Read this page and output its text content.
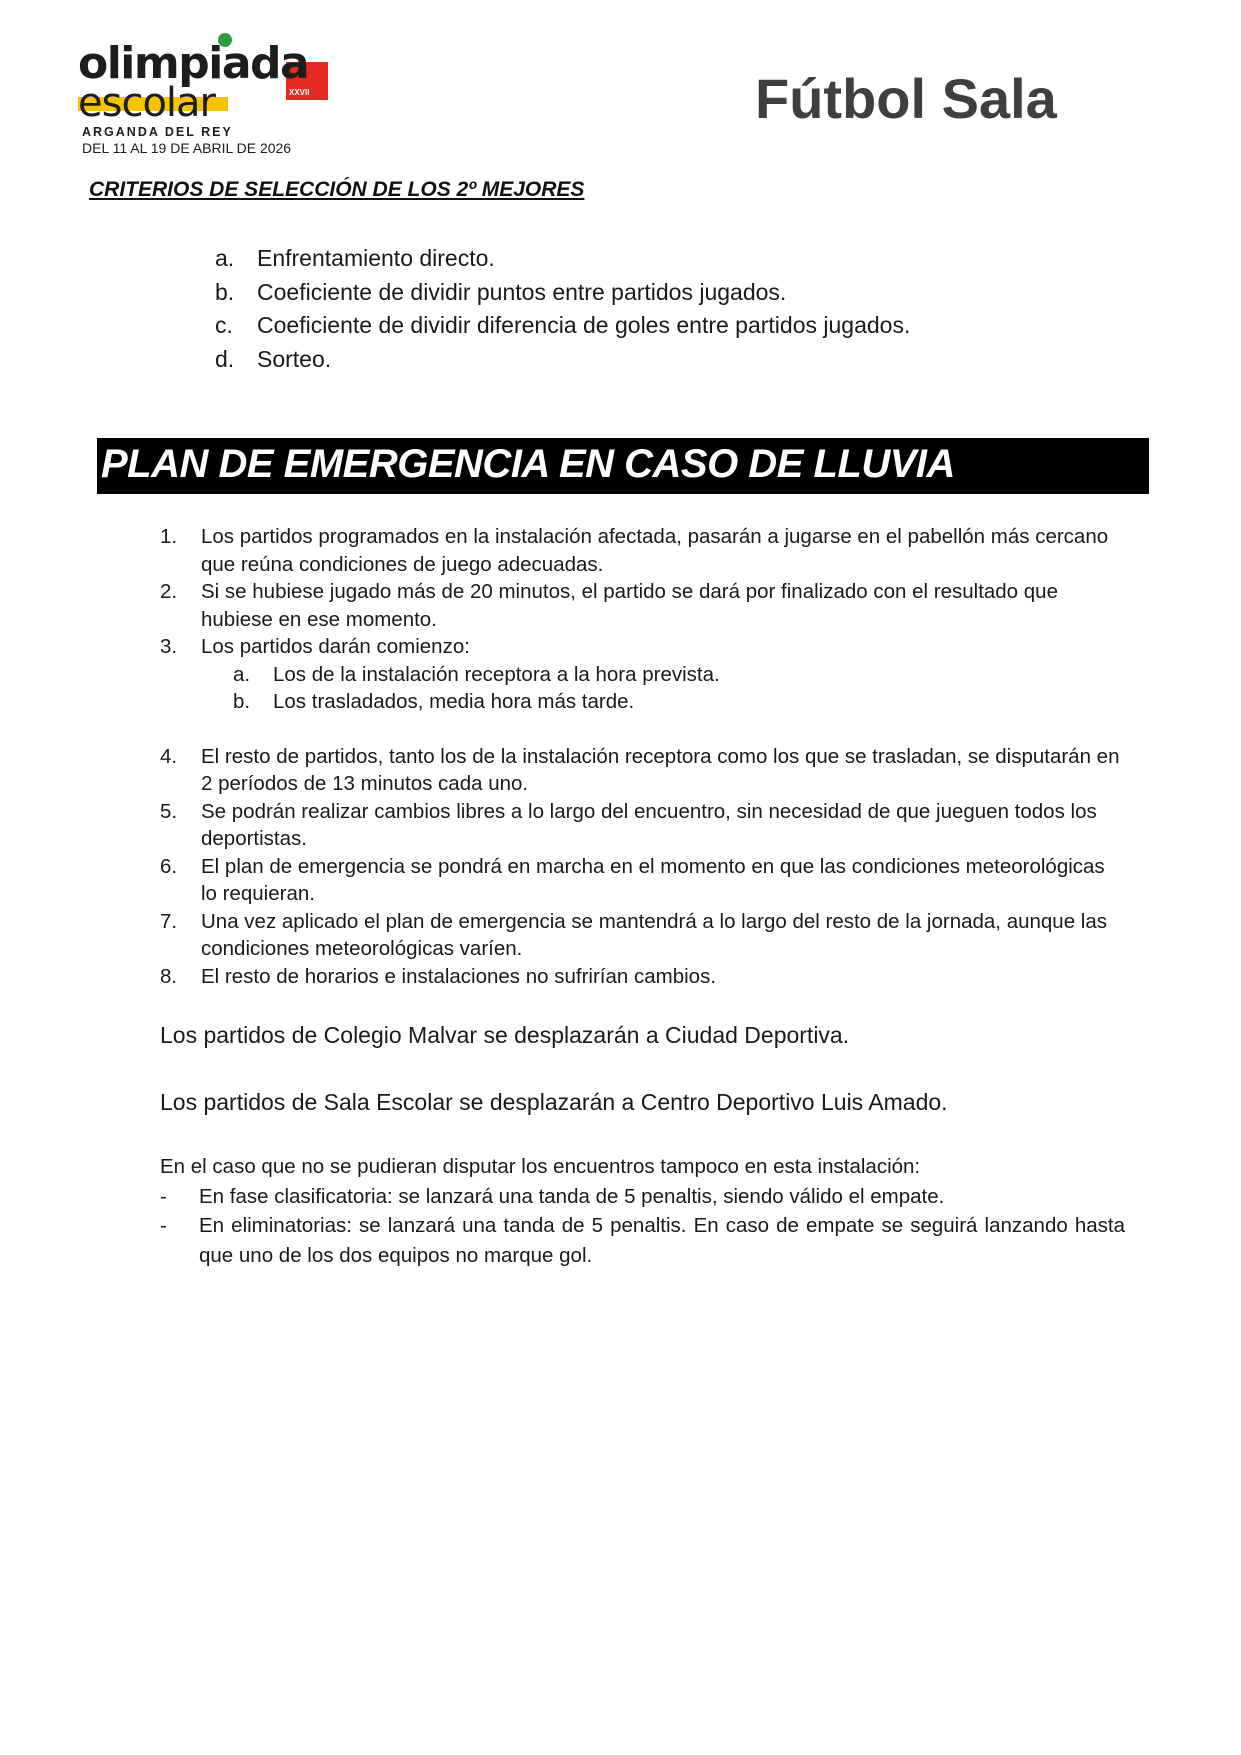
XXVII
olimpiada
escolar
ARGANDA DEL REY
DEL 11 AL 19 DE ABRIL DE 2026
Fútbol Sala
CRITERIOS DE SELECCIÓN DE LOS 2º MEJORES
a. Enfrentamiento directo.
b. Coeficiente de dividir puntos entre partidos jugados.
c.	Coeficiente de dividir diferencia de goles entre partidos jugados.
d. Sorteo.
PLAN DE EMERGENCIA EN CASO DE LLUVIA
1. Los partidos programados en la instalación afectada, pasarán a jugarse en el pabellón más cercano que reúna condiciones de juego adecuadas.
2. Si se hubiese jugado más de 20 minutos, el partido se dará por finalizado con el resultado que hubiese en ese momento.
3. Los partidos darán comienzo:
a. Los de la instalación receptora a la hora prevista.
b. Los trasladados, media hora más tarde.
4. El resto de partidos, tanto los de la instalación receptora como los que se trasladan, se disputarán en 2 períodos de 13 minutos cada uno.
5. Se podrán realizar cambios libres a lo largo del encuentro, sin necesidad de que jueguen todos los deportistas.
6. El plan de emergencia se pondrá en marcha en el momento en que las condiciones meteorológicas lo requieran.
7. Una vez aplicado el plan de emergencia se mantendrá a lo largo del resto de la jornada, aunque las condiciones meteorológicas varíen.
8. El resto de horarios e instalaciones no sufrirían cambios.
Los partidos de Colegio Malvar se desplazarán a Ciudad Deportiva.
Los partidos de Sala Escolar se desplazarán a Centro Deportivo Luis Amado.
En el caso que no se pudieran disputar los encuentros tampoco en esta instalación:
- En fase clasificatoria: se lanzará una tanda de 5 penaltis, siendo válido el empate.
- En eliminatorias: se lanzará una tanda de 5 penaltis. En caso de empate se seguirá lanzando hasta que uno de los dos equipos no marque gol.
